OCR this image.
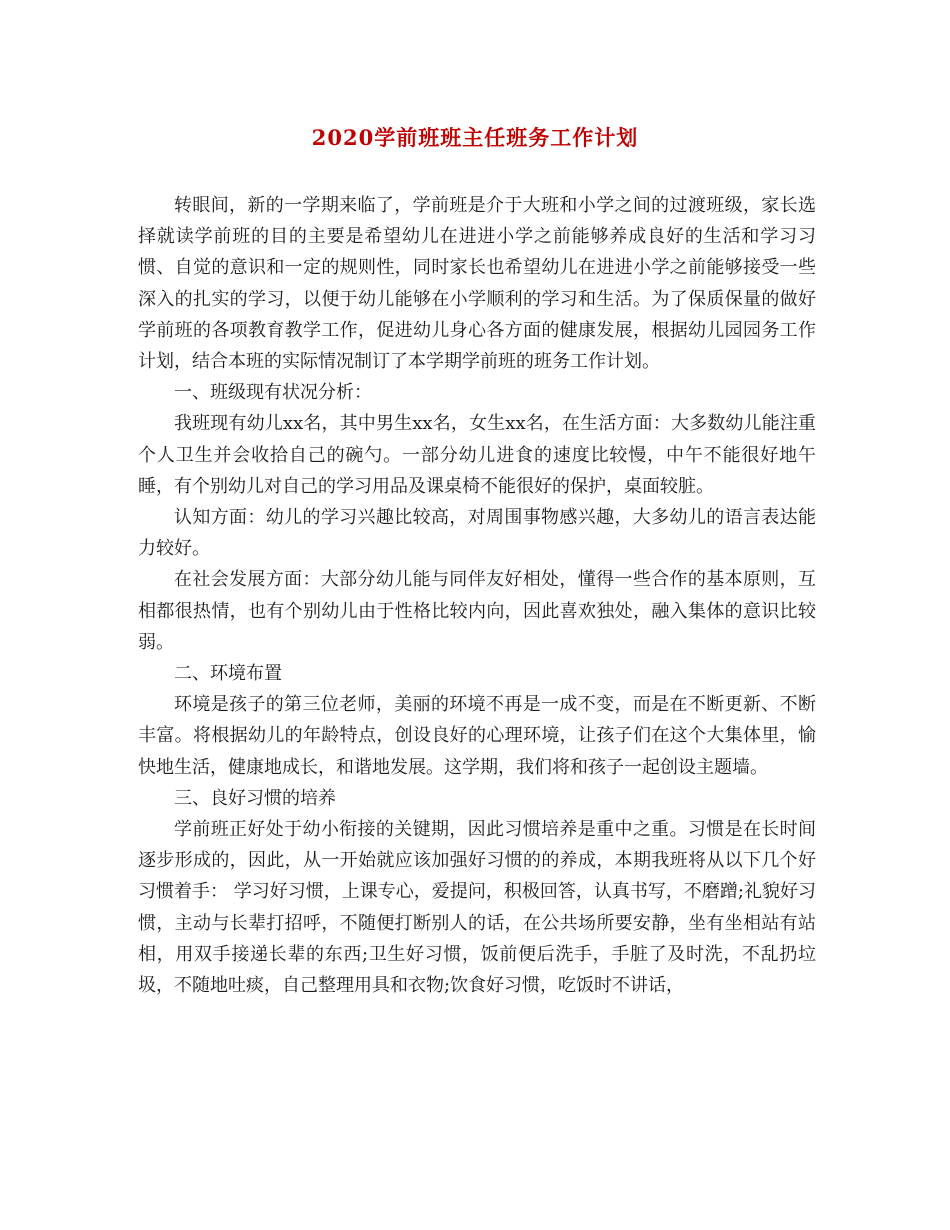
2020学前班班主任班务工作计划

转眼间，新的一学期来临了，学前班是介于大班和小学之间的过渡班级，家长选择就读学前班的目的主要是希望幼儿在进进小学之前能够养成良好的生活和学习习惯、自觉的意识和一定的规则性，同时家长也希望幼儿在进进小学之前能够接受一些深入的扎实的学习，以便于幼儿能够在小学顺利的学习和生活。为了保质保量的做好学前班的各项教育教学工作，促进幼儿身心各方面的健康发展，根据幼儿园园务工作计划，结合本班的实际情况制订了本学期学前班的班务工作计划。

一、班级现有状况分析：

我班现有幼儿xx名，其中男生xx名，女生xx名，在生活方面：大多数幼儿能注重个人卫生并会收拾自己的碗勺。一部分幼儿进食的速度比较慢，中午不能很好地午睡，有个别幼儿对自己的学习用品及课桌椅不能很好的保护，桌面较脏。

认知方面：幼儿的学习兴趣比较高，对周围事物感兴趣，大多幼儿的语言表达能力较好。

在社会发展方面：大部分幼儿能与同伴友好相处，懂得一些合作的基本原则，互相都很热情，也有个别幼儿由于性格比较内向，因此喜欢独处，融入集体的意识比较弱。

二、环境布置

环境是孩子的第三位老师，美丽的环境不再是一成不变，而是在不断更新、不断丰富。将根据幼儿的年龄特点，创设良好的心理环境，让孩子们在这个大集体里，愉快地生活，健康地成长，和谐地发展。这学期，我们将和孩子一起创设主题墙。

三、良好习惯的培养

学前班正好处于幼小衔接的关键期，因此习惯培养是重中之重。习惯是在长时间逐步形成的，因此，从一开始就应该加强好习惯的的养成，本期我班将从以下几个好习惯着手： 学习好习惯，上课专心，爱提问，积极回答，认真书写，不磨蹭;礼貌好习惯，主动与长辈打招呼，不随便打断别人的话，在公共场所要安静，坐有坐相站有站相，用双手接递长辈的东西;卫生好习惯，饭前便后洗手，手脏了及时洗，不乱扔垃圾，不随地吐痰，自己整理用具和衣物;饮食好习惯，吃饭时不讲话，
